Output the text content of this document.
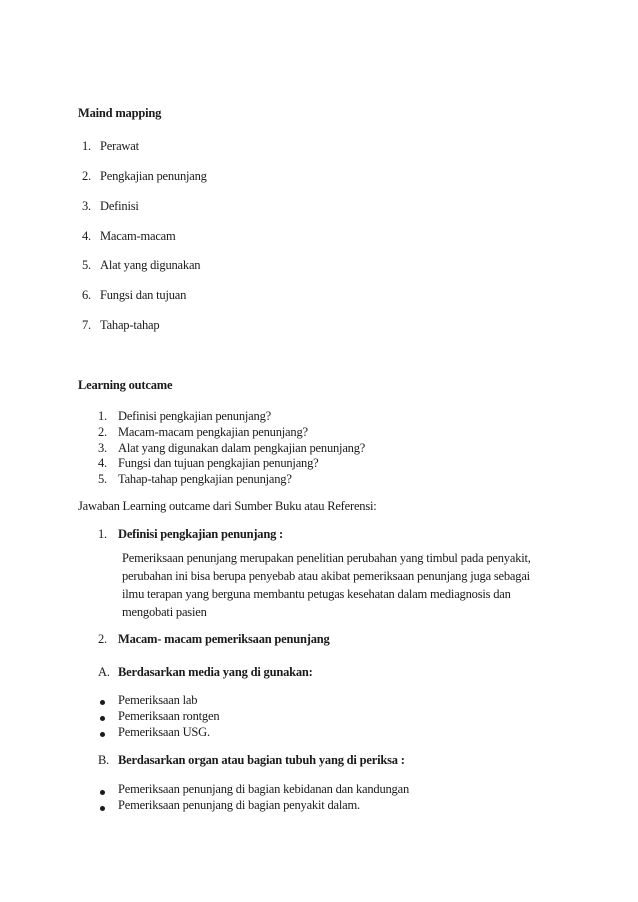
Maind mapping
1. Perawat
2. Pengkajian penunjang
3. Definisi
4. Macam-macam
5. Alat yang digunakan
6. Fungsi dan tujuan
7. Tahap-tahap
Learning outcame
1. Definisi pengkajian penunjang?
2. Macam-macam pengkajian penunjang?
3. Alat yang digunakan dalam pengkajian penunjang?
4. Fungsi dan tujuan pengkajian penunjang?
5. Tahap-tahap pengkajian penunjang?
Jawaban Learning outcame dari Sumber Buku atau Referensi:
1. Definisi pengkajian penunjang :
Pemeriksaan penunjang merupakan penelitian perubahan yang timbul pada penyakit,
perubahan ini bisa berupa penyebab atau akibat pemeriksaan penunjang juga sebagai
ilmu terapan yang berguna membantu petugas kesehatan dalam mediagnosis dan
mengobati pasien
2. Macam- macam pemeriksaan penunjang
A. Berdasarkan media yang di gunakan:
Pemeriksaan lab
Pemeriksaan rontgen
Pemeriksaan USG.
B. Berdasarkan organ atau bagian tubuh yang di periksa :
Pemeriksaan penunjang di bagian kebidanan dan kandungan
Pemeriksaan penunjang di bagian penyakit dalam.
